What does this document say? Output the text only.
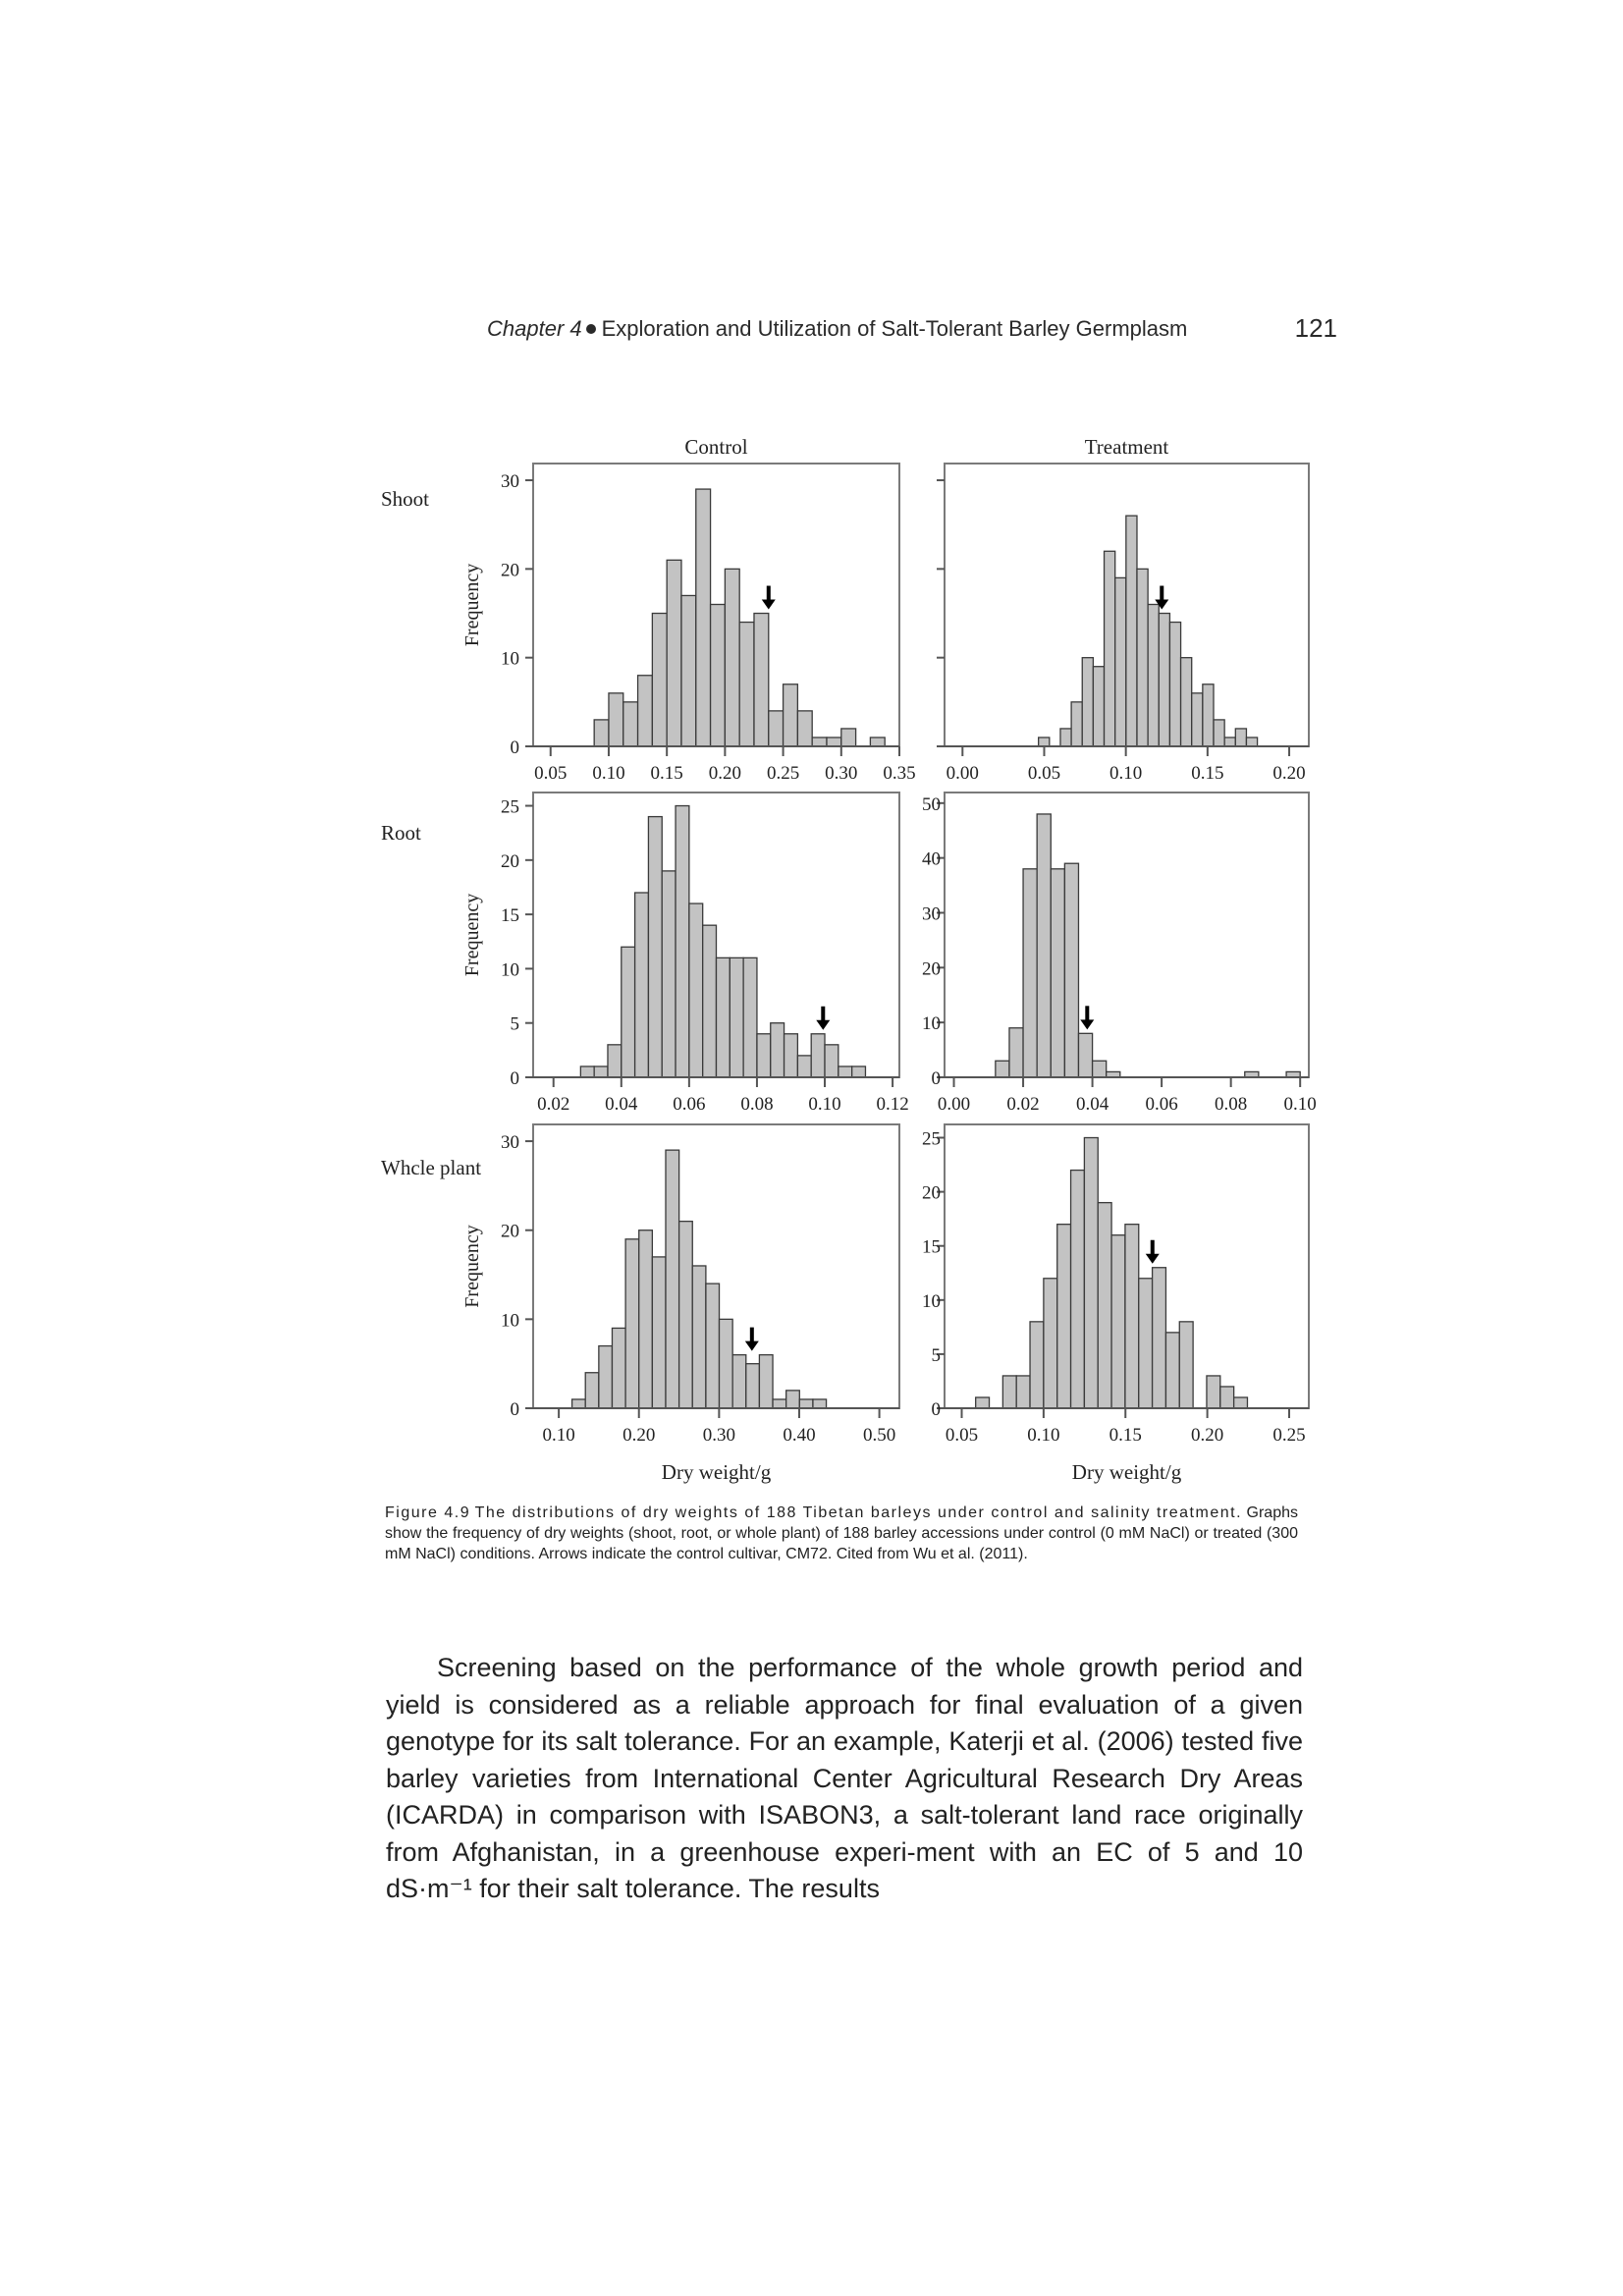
Chapter 4 Exploration and Utilization of Salt-Tolerant Barley Germplasm	121
Control	Treatment
Shoot
Root
Whcle plant
0.05 0.10 0.15 0.20 0.25 0.30 0.35
0
10
20
30
Frequency
0.00	0.05	0.10	0.15	0.20
0.02 0.04 0.06 0.08 0.10 0.12
0
5
10
15
20
25
Frequency
0.00 0.02 0.04 0.06 0.08 0.10
0
10
20
30
40
50
0.10	0.20	0.30	0.40	0.50
0
10
20
30
Frequency
Dry weight/g
0.05	0.10	0.15	0.20	0.25
0
5
10
15
20
25
Dry weight/g
Figure 4.9 The distributions of dry weights of 188 Tibetan barleys under control and salinity treatment. Graphs show the frequency of dry weights (shoot, root, or whole plant) of 188 barley accessions under control (0 mM NaCl) or treated (300 mM NaCl) conditions. Arrows indicate the control cultivar, CM72. Cited from Wu et al. (2011).

Screening based on the performance of the whole growth period and yield is considered as a reliable approach for final evaluation of a given genotype for its salt tolerance. For an example, Katerji et al. (2006) tested five barley varieties from International Center Agricultural Research Dry Areas (ICARDA) in comparison with ISABON3, a salt-tolerant land race originally from Afghanistan, in a greenhouse experi-ment with an EC of 5 and 10 dS·m⁻¹ for their salt tolerance. The results
